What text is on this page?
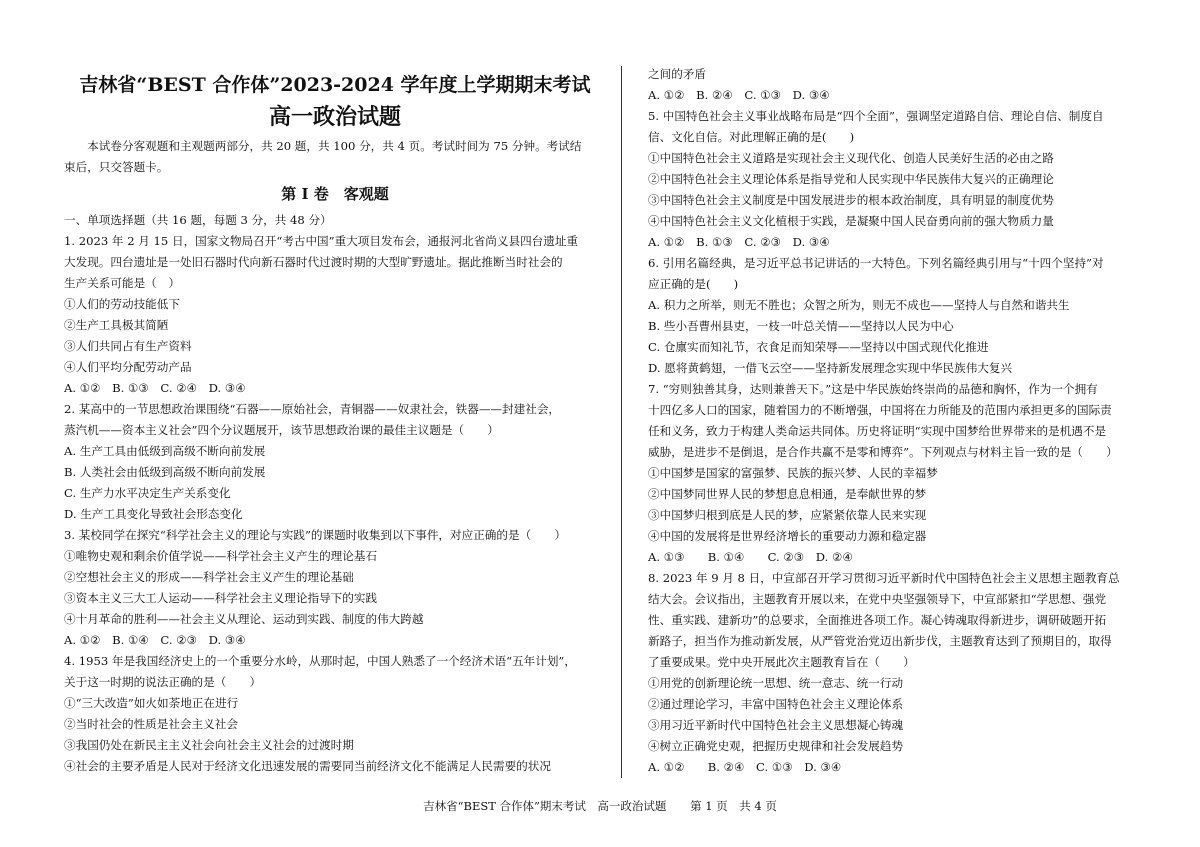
吉林省“BEST 合作体”2023-2024 学年度上学期期末考试
高一政治试题
本试卷分客观题和主观题两部分，共 20 题，共 100 分，共 4 页。考试时间为 75 分钟。考试结
束后，只交答题卡。
第 Ⅰ 卷　客观题
一、单项选择题（共 16 题，每题 3 分，共 48 分）
1. 2023 年 2 月 15 日，国家文物局召开“考古中国”重大项目发布会，通报河北省尚义县四台遗址重
大发现。四台遗址是一处旧石器时代向新石器时代过渡时期的大型旷野遗址。据此推断当时社会的
生产关系可能是（　）
①人们的劳动技能低下
②生产工具极其简陋
③人们共同占有生产资料
④人们平均分配劳动产品
A. ①②　B. ①③　C. ②④　D. ③④
2. 某高中的一节思想政治课围绕“石器——原始社会，青铜器——奴隶社会，铁器——封建社会，
蒸汽机——资本主义社会”四个分议题展开，该节思想政治课的最佳主议题是（　　）
A. 生产工具由低级到高级不断向前发展
B. 人类社会由低级到高级不断向前发展
C. 生产力水平决定生产关系变化
D. 生产工具变化导致社会形态变化
3. 某校同学在探究“科学社会主义的理论与实践”的课题时收集到以下事件，对应正确的是（　　）
①唯物史观和剩余价值学说——科学社会主义产生的理论基石
②空想社会主义的形成——科学社会主义产生的理论基础
③资本主义三大工人运动——科学社会主义理论指导下的实践
④十月革命的胜利——社会主义从理论、运动到实践、制度的伟大跨越
A. ①②　B. ①④　C. ②③　D. ③④
4. 1953 年是我国经济史上的一个重要分水岭，从那时起，中国人熟悉了一个经济术语“五年计划”，
关于这一时期的说法正确的是（　　）
①“三大改造”如火如荼地正在进行
②当时社会的性质是社会主义社会
③我国仍处在新民主主义社会向社会主义社会的过渡时期
④社会的主要矛盾是人民对于经济文化迅速发展的需要同当前经济文化不能满足人民需要的状况
之间的矛盾
A. ①②　B. ②④　C. ①③　D. ③④
5. 中国特色社会主义事业战略布局是“四个全面”，强调坚定道路自信、理论自信、制度自
信、文化自信。对此理解正确的是(　　)
①中国特色社会主义道路是实现社会主义现代化、创造人民美好生活的必由之路
②中国特色社会主义理论体系是指导党和人民实现中华民族伟大复兴的正确理论
③中国特色社会主义制度是中国发展进步的根本政治制度，具有明显的制度优势
④中国特色社会主义文化植根于实践，是凝聚中国人民奋勇向前的强大物质力量
A. ①②　B. ①③　C. ②③　D. ③④
6. 引用名篇经典，是习近平总书记讲话的一大特色。下列名篇经典引用与“十四个坚持”对
应正确的是(　　)
A. 积力之所举，则无不胜也；众智之所为，则无不成也——坚持人与自然和谐共生
B. 些小吾曹州县吏，一枝一叶总关情——坚持以人民为中心
C. 仓廪实而知礼节，衣食足而知荣辱——坚持以中国式现代化推进
D. 愿将黄鹤翅，一借飞云空——坚持新发展理念实现中华民族伟大复兴
7. “穷则独善其身，达则兼善天下。”这是中华民族始终崇尚的品德和胸怀，作为一个拥有
十四亿多人口的国家，随着国力的不断增强，中国将在力所能及的范围内承担更多的国际责
任和义务，致力于构建人类命运共同体。历史将证明“实现中国梦给世界带来的是机遇不是
威胁，是进步不是倒退，是合作共赢不是零和博弈”。下列观点与材料主旨一致的是（　　）
①中国梦是国家的富强梦、民族的振兴梦、人民的幸福梦
②中国梦同世界人民的梦想息息相通，是奉献世界的梦
③中国梦归根到底是人民的梦，应紧紧依靠人民来实现
④中国的发展将是世界经济增长的重要动力源和稳定器
A. ①③　　B. ①④　　C. ②③　D. ②④
8. 2023 年 9 月 8 日，中宣部召开学习贯彻习近平新时代中国特色社会主义思想主题教育总
结大会。会议指出，主题教育开展以来，在党中央坚强领导下，中宣部紧扣“学思想、强党
性、重实践、建新功”的总要求，全面推进各项工作。凝心铸魂取得新进步，调研破题开拓
新路子，担当作为推动新发展，从严管党治党迈出新步伐，主题教育达到了预期目的，取得
了重要成果。党中央开展此次主题教育旨在（　　）
①用党的创新理论统一思想、统一意志、统一行动
②通过理论学习，丰富中国特色社会主义理论体系
③用习近平新时代中国特色社会主义思想凝心铸魂
④树立正确党史观，把握历史规律和社会发展趋势
A. ①②　　B. ②④　C. ①③　D. ③④
吉林省“BEST 合作体”期末考试　高一政治试题 第 1 页　共 4 页
